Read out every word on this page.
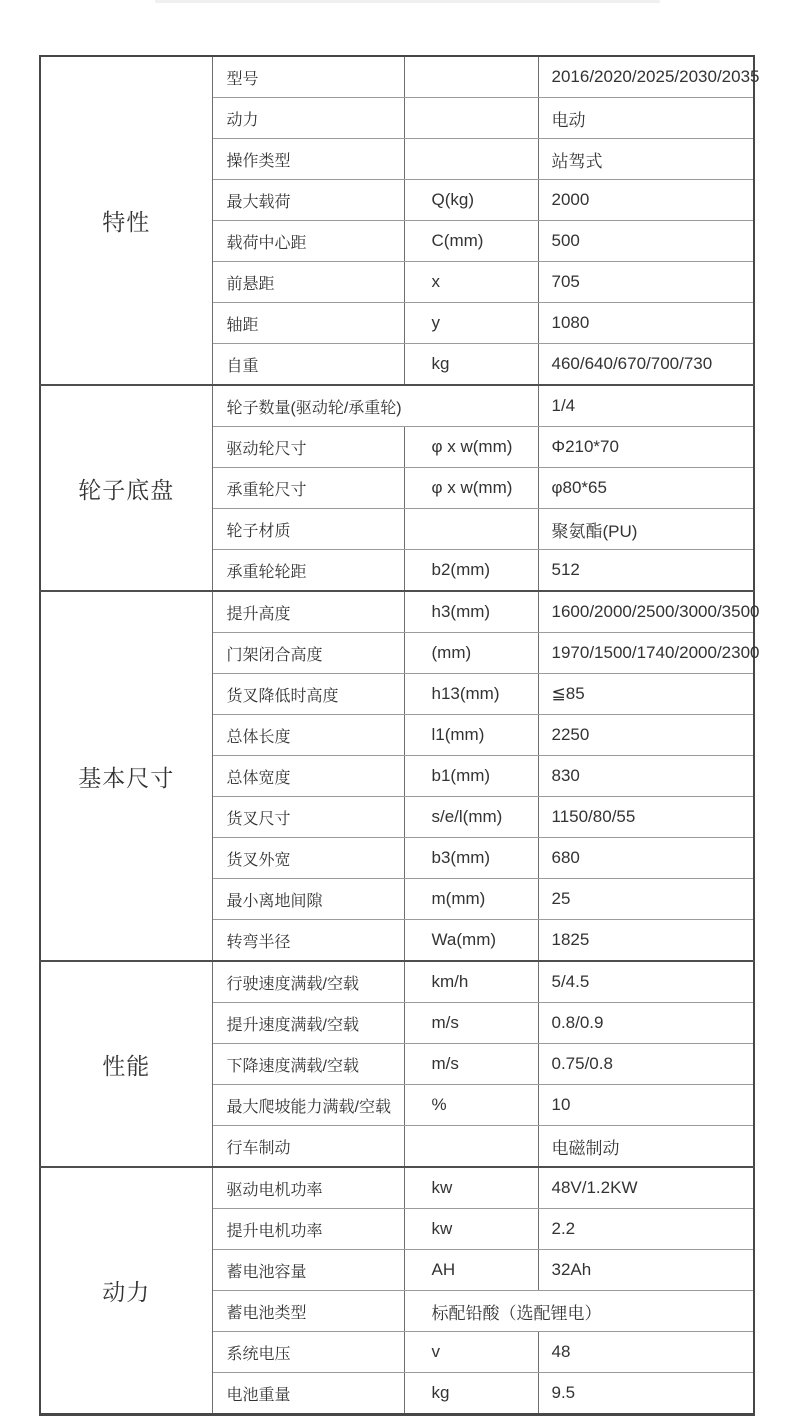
特性	型号		2016/2020/2025/2030/2035
	动力		电动
	操作类型		站驾式
	最大载荷	Q(kg)	2000
	载荷中心距	C(mm)	500
	前悬距	x	705
	轴距	y	1080
	自重	kg	460/640/670/700/730
轮子底盘	轮子数量(驱动轮/承重轮)		1/4
	驱动轮尺寸	φ x w(mm)	Φ210*70
	承重轮尺寸	φ x w(mm)	φ80*65
	轮子材质		聚氨酯(PU)
	承重轮轮距	b2(mm)	512
基本尺寸	提升高度	h3(mm)	1600/2000/2500/3000/3500
	门架闭合高度	(mm)	1970/1500/1740/2000/2300
	货叉降低时高度	h13(mm)	≦85
	总体长度	l1(mm)	2250
	总体宽度	b1(mm)	830
	货叉尺寸	s/e/l(mm)	1150/80/55
	货叉外宽	b3(mm)	680
	最小离地间隙	m(mm)	25
	转弯半径	Wa(mm)	1825
性能	行驶速度满载/空载	km/h	5/4.5
	提升速度满载/空载	m/s	0.8/0.9
	下降速度满载/空载	m/s	0.75/0.8
	最大爬坡能力满载/空载	%	10
	行车制动		电磁制动
动力	驱动电机功率	kw	48V/1.2KW
	提升电机功率	kw	2.2
	蓄电池容量	AH	32Ah
	蓄电池类型	标配铅酸（选配锂电）	
	系统电压	v	48
	电池重量	kg	9.5
